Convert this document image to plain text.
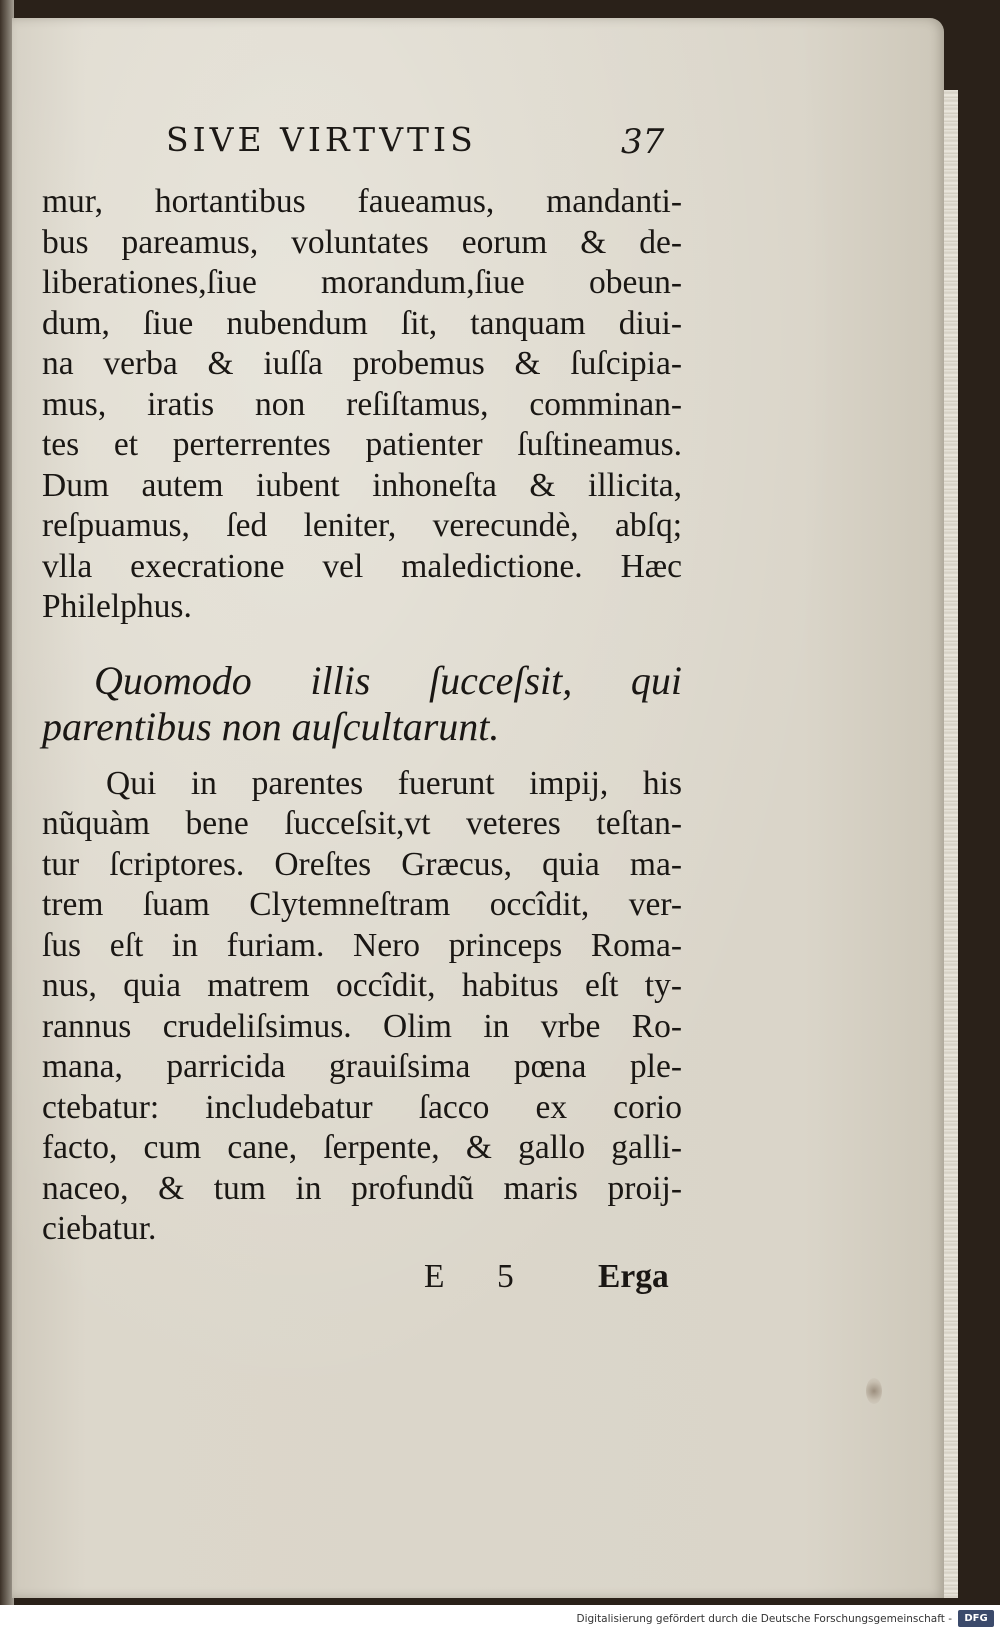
SIVE VIRTVTIS	37
mur, hortantibus faueamus, mandanti-
bus pareamus, voluntates eorum & de-
liberationes,ſiue morandum,ſiue obeun-
dum, ſiue nubendum ſit, tanquam diui-
na verba & iuſſa probemus & ſuſcipia-
mus, iratis non reſiſtamus, comminan-
tes et perterrentes patienter ſuſtineamus.
Dum autem iubent inhoneſta & illicita,
reſpuamus, ſed leniter, verecundè, abſq;
vlla execratione vel maledictione. Hæc
Philelphus.
Quomodo illis ſucceſsit, qui
parentibus non auſcultarunt.
Qui in parentes fuerunt impij, his
nũquàm bene ſucceſsit,vt veteres teſtan-
tur ſcriptores. Oreſtes Græcus, quia ma-
trem ſuam Clytemneſtram occîdit, ver-
ſus eſt in furiam. Nero princeps Roma-
nus, quia matrem occîdit, habitus eſt ty-
rannus crudeliſsimus. Olim in vrbe Ro-
mana, parricida grauiſsima pœna ple-
ctebatur: includebatur ſacco ex corio
facto, cum cane, ſerpente, & gallo galli-
naceo, & tum in profundũ maris proij-
ciebatur.
E 5	Erga
Digitalisierung gefördert durch die Deutsche Forschungsgemeinschaft -	DFG
